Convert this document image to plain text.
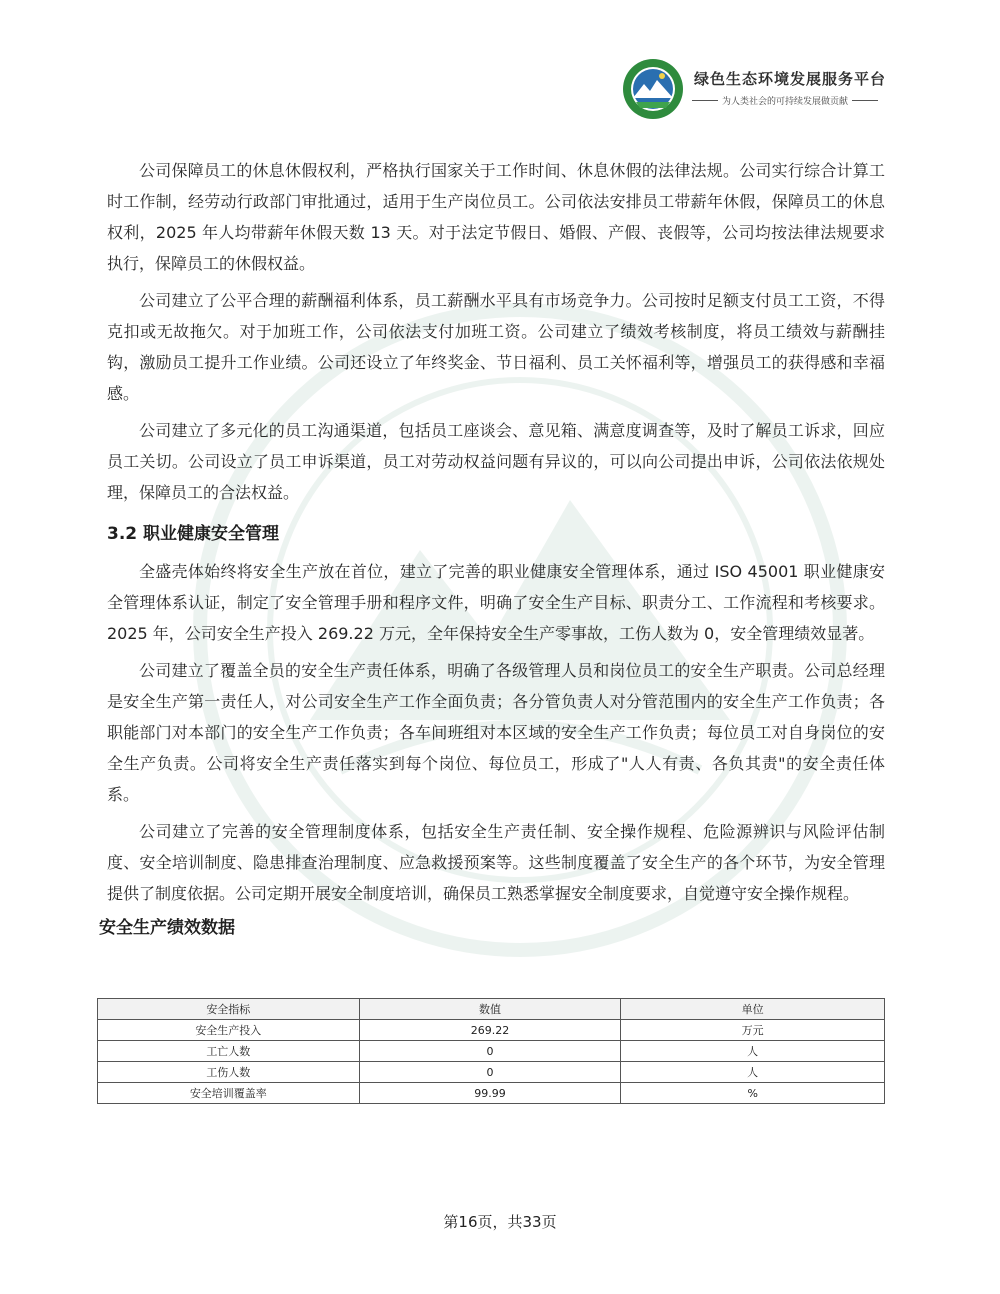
绿色生态环境发展服务平台
为人类社会的可持续发展做贡献

公司保障员工的休息休假权利，严格执行国家关于工作时间、休息休假的法律法规。公司实行综合计算工时工作制，经劳动行政部门审批通过，适用于生产岗位员工。公司依法安排员工带薪年休假，保障员工的休息权利，2025 年人均带薪年休假天数 13 天。对于法定节假日、婚假、产假、丧假等，公司均按法律法规要求执行，保障员工的休假权益。

公司建立了公平合理的薪酬福利体系，员工薪酬水平具有市场竞争力。公司按时足额支付员工工资，不得克扣或无故拖欠。对于加班工作，公司依法支付加班工资。公司建立了绩效考核制度，将员工绩效与薪酬挂钩，激励员工提升工作业绩。公司还设立了年终奖金、节日福利、员工关怀福利等，增强员工的获得感和幸福感。

公司建立了多元化的员工沟通渠道，包括员工座谈会、意见箱、满意度调查等，及时了解员工诉求，回应员工关切。公司设立了员工申诉渠道，员工对劳动权益问题有异议的，可以向公司提出申诉，公司依法依规处理，保障员工的合法权益。

3.2 职业健康安全管理

全盛壳体始终将安全生产放在首位，建立了完善的职业健康安全管理体系，通过 ISO 45001 职业健康安全管理体系认证，制定了安全管理手册和程序文件，明确了安全生产目标、职责分工、工作流程和考核要求。2025 年，公司安全生产投入 269.22 万元，全年保持安全生产零事故，工伤人数为 0，安全管理绩效显著。

公司建立了覆盖全员的安全生产责任体系，明确了各级管理人员和岗位员工的安全生产职责。公司总经理是安全生产第一责任人，对公司安全生产工作全面负责；各分管负责人对分管范围内的安全生产工作负责；各职能部门对本部门的安全生产工作负责；各车间班组对本区域的安全生产工作负责；每位员工对自身岗位的安全生产负责。公司将安全生产责任落实到每个岗位、每位员工，形成了"人人有责、各负其责"的安全责任体系。

公司建立了完善的安全管理制度体系，包括安全生产责任制、安全操作规程、危险源辨识与风险评估制度、安全培训制度、隐患排查治理制度、应急救援预案等。这些制度覆盖了安全生产的各个环节，为安全管理提供了制度依据。公司定期开展安全制度培训，确保员工熟悉掌握安全制度要求，自觉遵守安全操作规程。

安全生产绩效数据
安全指标	数值	单位
安全生产投入	269.22	万元
工亡人数	0	人
工伤人数	0	人
安全培训覆盖率	99.99	%
第16页，共33页
